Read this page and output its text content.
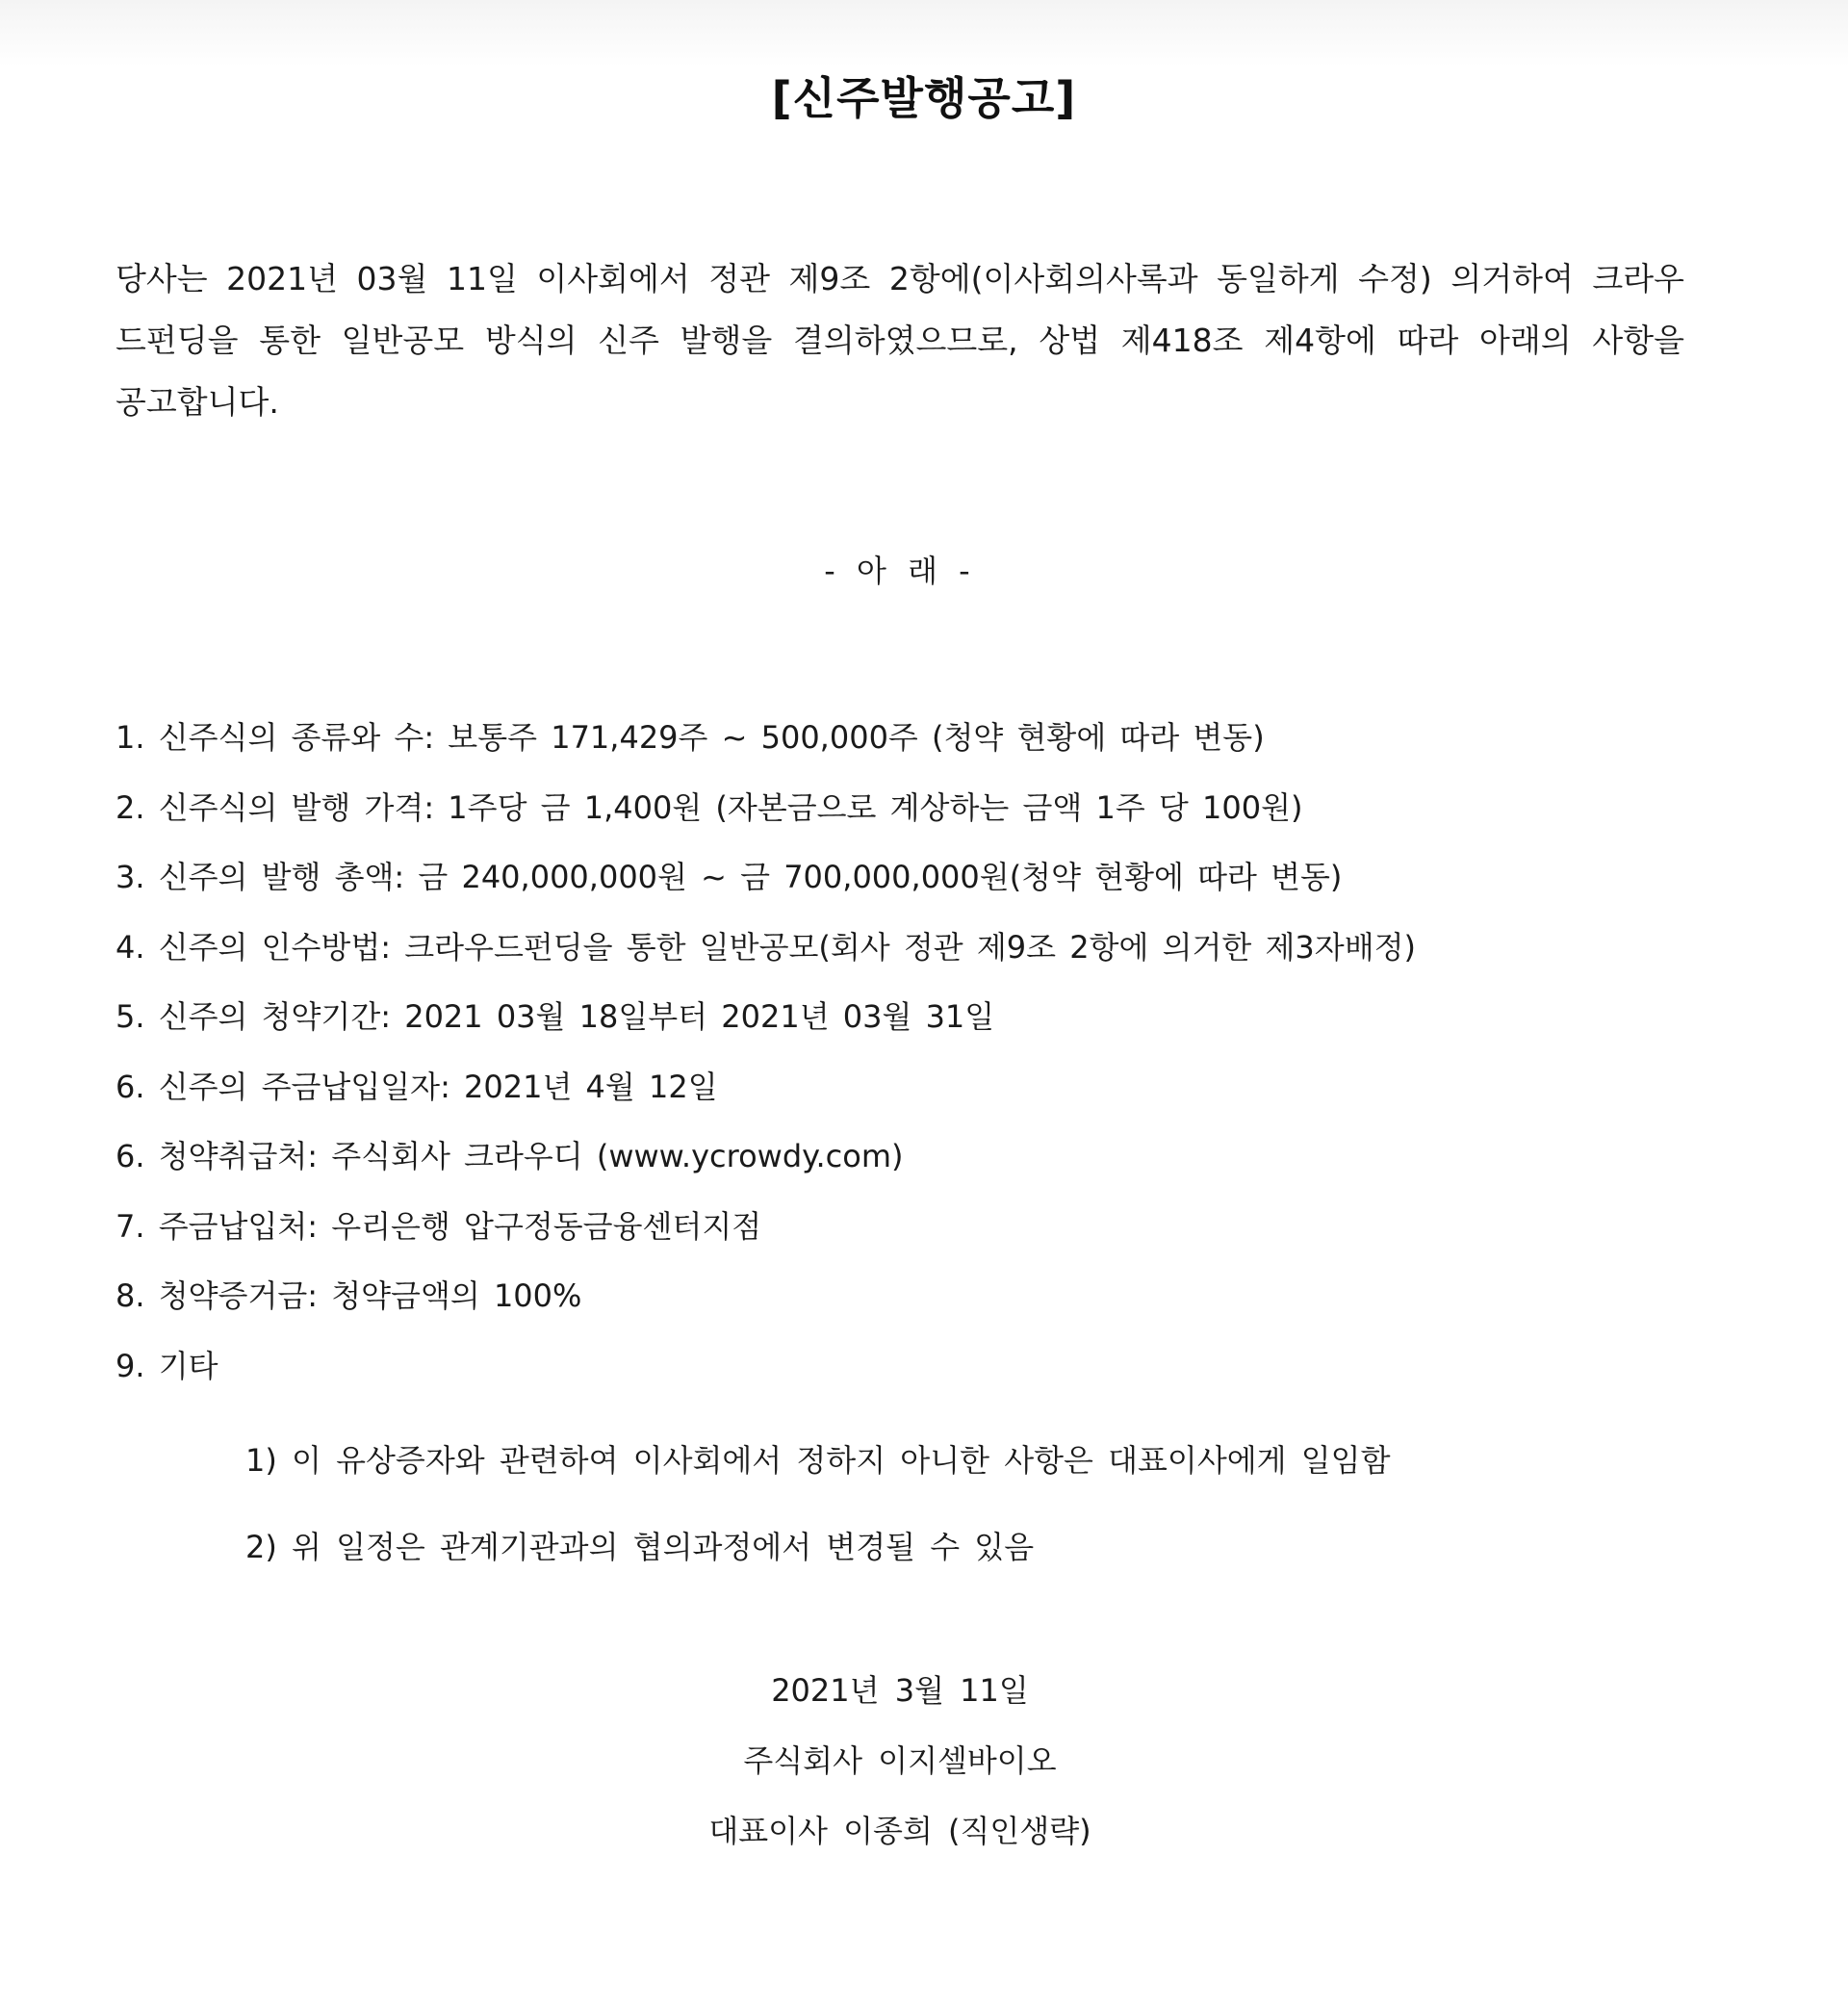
[신주발행공고]
당사는 2021년 03월 11일 이사회에서 정관 제9조 2항에(이사회의사록과 동일하게 수정) 의거하여 크라우
드펀딩을 통한 일반공모 방식의 신주 발행을 결의하였으므로, 상법 제418조 제4항에 따라 아래의 사항을
공고합니다.
- 아 래 -
1. 신주식의 종류와 수: 보통주 171,429주 ~ 500,000주 (청약 현황에 따라 변동)
2. 신주식의 발행 가격: 1주당 금 1,400원 (자본금으로 계상하는 금액 1주 당 100원)
3. 신주의 발행 총액: 금 240,000,000원 ~ 금 700,000,000원(청약 현황에 따라 변동)
4. 신주의 인수방법: 크라우드펀딩을 통한 일반공모(회사 정관 제9조 2항에 의거한 제3자배정)
5. 신주의 청약기간: 2021 03월 18일부터 2021년 03월 31일
6. 신주의 주금납입일자: 2021년 4월 12일
6. 청약취급처: 주식회사 크라우디 (www.ycrowdy.com)
7. 주금납입처: 우리은행 압구정동금융센터지점
8. 청약증거금: 청약금액의 100%
9. 기타
1) 이 유상증자와 관련하여 이사회에서 정하지 아니한 사항은 대표이사에게 일임함
2) 위 일정은 관계기관과의 협의과정에서 변경될 수 있음
2021년 3월 11일
주식회사 이지셀바이오
대표이사 이종희 (직인생략)
